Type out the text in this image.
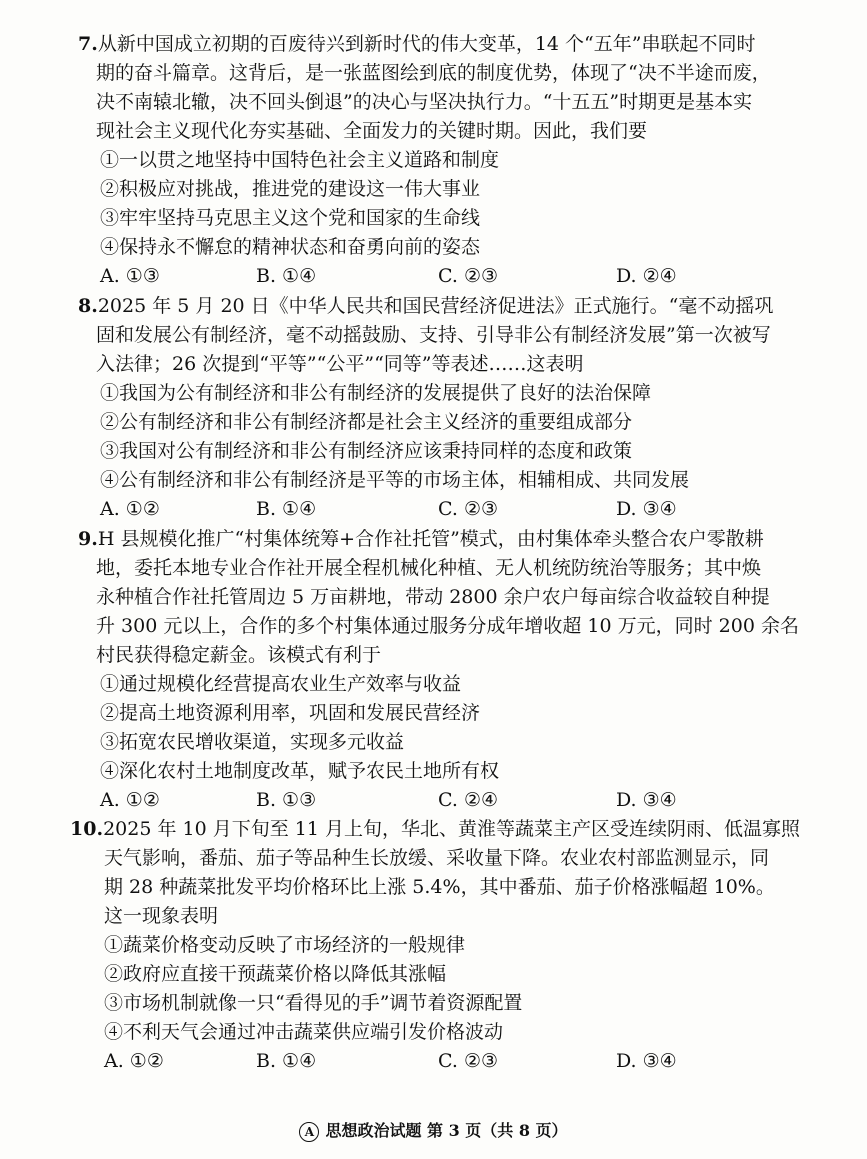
7.从新中国成立初期的百废待兴到新时代的伟大变革，14 个“五年”串联起不同时
期的奋斗篇章。这背后，是一张蓝图绘到底的制度优势，体现了“决不半途而废，
决不南辕北辙，决不回头倒退”的决心与坚决执行力。“十五五”时期更是基本实
现社会主义现代化夯实基础、全面发力的关键时期。因此，我们要
①一以贯之地坚持中国特色社会主义道路和制度
②积极应对挑战，推进党的建设这一伟大事业
③牢牢坚持马克思主义这个党和国家的生命线
④保持永不懈怠的精神状态和奋勇向前的姿态
A. ①③	B. ①④	C. ②③	D. ②④
8.2025 年 5 月 20 日《中华人民共和国民营经济促进法》正式施行。“毫不动摇巩
固和发展公有制经济，毫不动摇鼓励、支持、引导非公有制经济发展”第一次被写
入法律；26 次提到“平等”“公平”“同等”等表述……这表明
①我国为公有制经济和非公有制经济的发展提供了良好的法治保障
②公有制经济和非公有制经济都是社会主义经济的重要组成部分
③我国对公有制经济和非公有制经济应该秉持同样的态度和政策
④公有制经济和非公有制经济是平等的市场主体，相辅相成、共同发展
A. ①②	B. ①④	C. ②③	D. ③④
9.H 县规模化推广“村集体统筹+合作社托管”模式，由村集体牵头整合农户零散耕
地，委托本地专业合作社开展全程机械化种植、无人机统防统治等服务；其中焕
永种植合作社托管周边 5 万亩耕地，带动 2800 余户农户每亩综合收益较自种提
升 300 元以上，合作的多个村集体通过服务分成年增收超 10 万元，同时 200 余名
村民获得稳定薪金。该模式有利于
①通过规模化经营提高农业生产效率与收益
②提高土地资源利用率，巩固和发展民营经济
③拓宽农民增收渠道，实现多元收益
④深化农村土地制度改革，赋予农民土地所有权
A. ①②	B. ①③	C. ②④	D. ③④
10.2025 年 10 月下旬至 11 月上旬，华北、黄淮等蔬菜主产区受连续阴雨、低温寡照
天气影响，番茄、茄子等品种生长放缓、采收量下降。农业农村部监测显示，同
期 28 种蔬菜批发平均价格环比上涨 5.4%，其中番茄、茄子价格涨幅超 10%。
这一现象表明
①蔬菜价格变动反映了市场经济的一般规律
②政府应直接干预蔬菜价格以降低其涨幅
③市场机制就像一只“看得见的手”调节着资源配置
④不利天气会通过冲击蔬菜供应端引发价格波动
A. ①②	B. ①④	C. ②③	D. ③④
A 思想政治试题 第 3 页（共 8 页）
